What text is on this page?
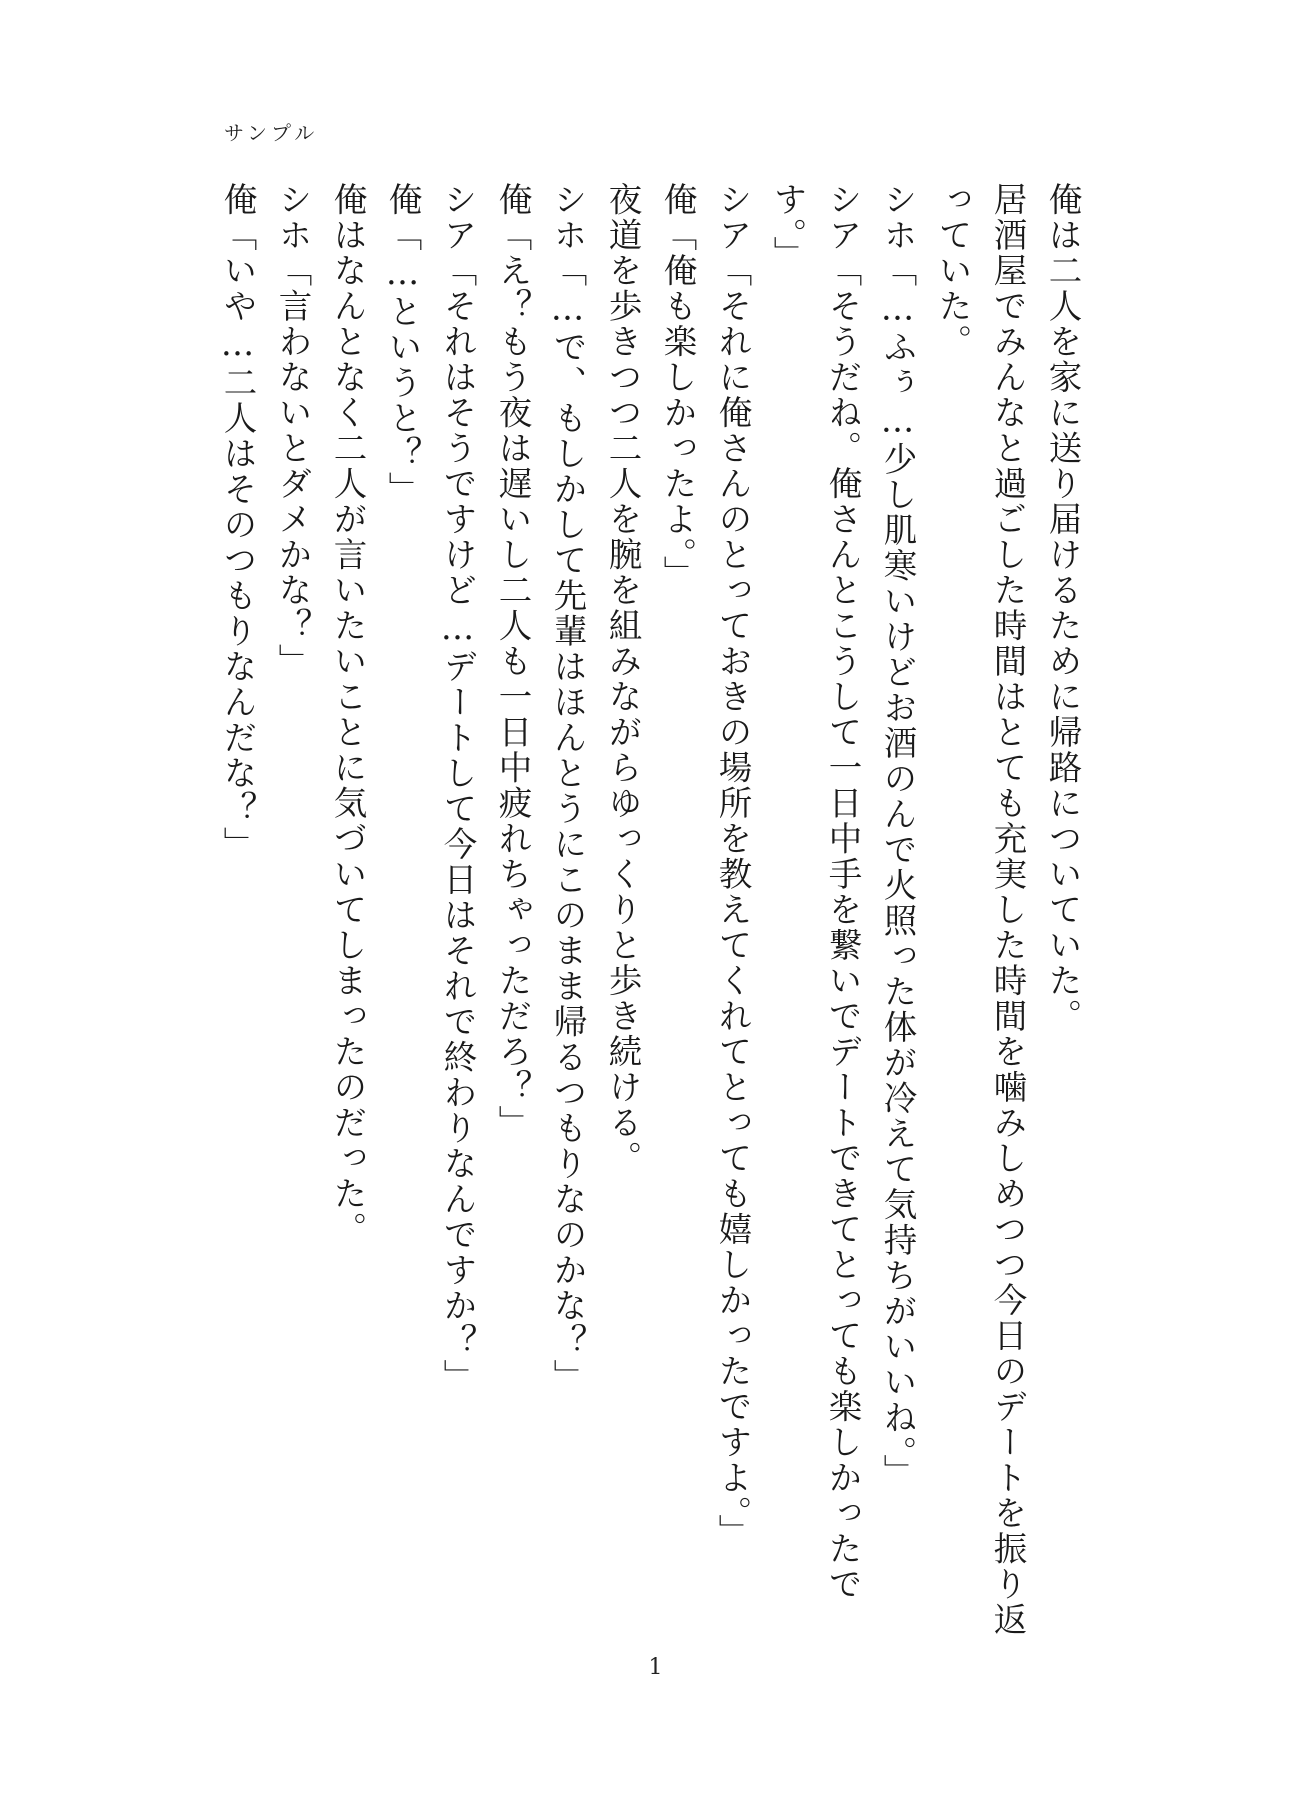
サンプル

俺は二人を家に送り届けるために帰路についていた。

居酒屋でみんなと過ごした時間はとても充実した時間を噛みしめつつ今日のデートを振り返っていた。

シホ「…ふぅ…少し肌寒いけどお酒のんで火照った体が冷えて気持ちがいいね。」

シア「そうだね。俺さんとこうして一日中手を繋いでデートできてとっても楽しかったです。」

シア「それに俺さんのとっておきの場所を教えてくれてとっても嬉しかったですよ。」

俺「俺も楽しかったよ。」

夜道を歩きつつ二人を腕を組みながらゆっくりと歩き続ける。

シホ「…で、もしかして先輩はほんとうにこのまま帰るつもりなのかな？」

俺「え？もう夜は遅いし二人も一日中疲れちゃっただろ？」

シア「それはそうですけど…デートして今日はそれで終わりなんですか？」

俺「…というと？」

俺はなんとなく二人が言いたいことに気づいてしまったのだった。

シホ「言わないとダメかな？」

俺「いや…二人はそのつもりなんだな？」

1
